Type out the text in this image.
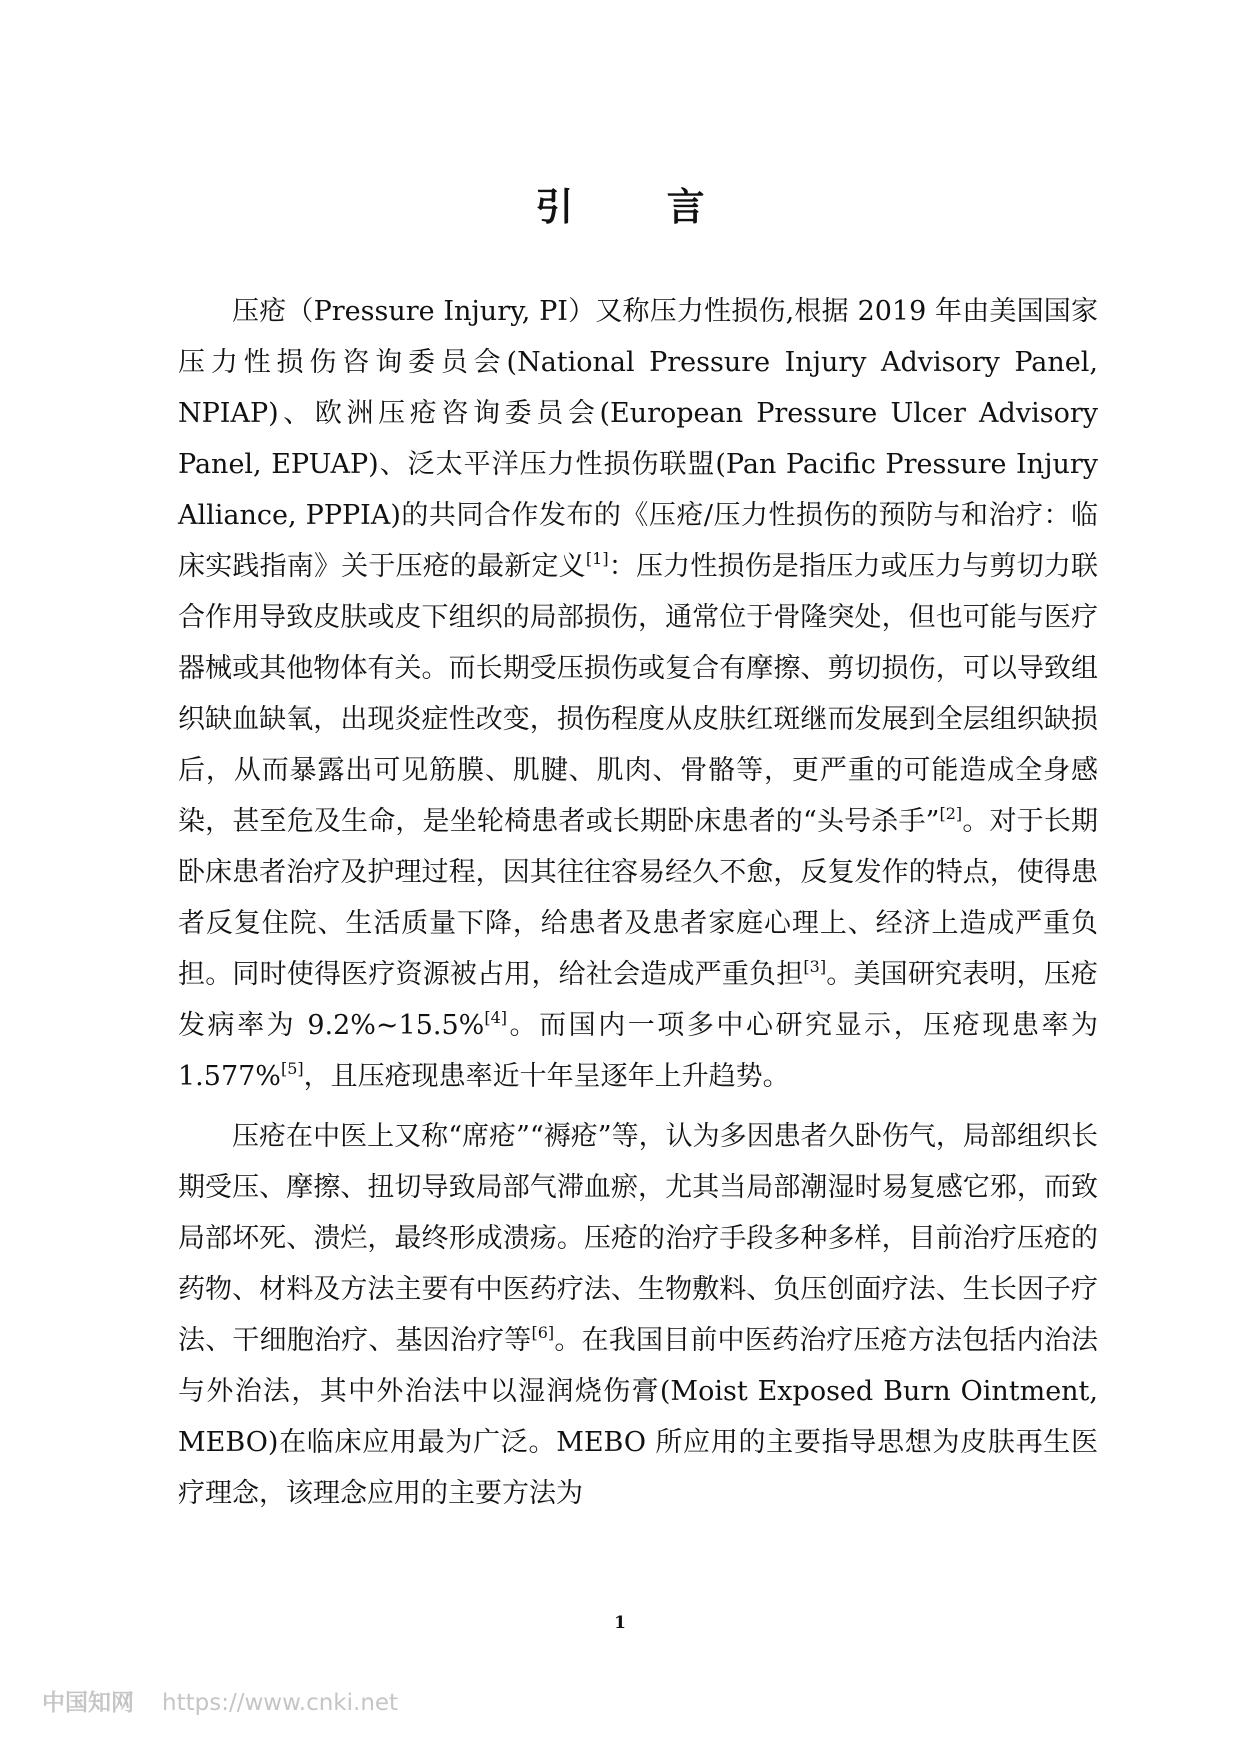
引 言

压疮（Pressure Injury, PI）又称压力性损伤,根据 2019 年由美国国家压力性损伤咨询委员会(National Pressure Injury Advisory Panel, NPIAP)、欧洲压疮咨询委员会(European Pressure Ulcer Advisory Panel, EPUAP)、泛太平洋压力性损伤联盟(Pan Pacific Pressure Injury Alliance, PPPIA)的共同合作发布的《压疮/压力性损伤的预防与和治疗：临床实践指南》关于压疮的最新定义[1]：压力性损伤是指压力或压力与剪切力联合作用导致皮肤或皮下组织的局部损伤，通常位于骨隆突处，但也可能与医疗器械或其他物体有关。而长期受压损伤或复合有摩擦、剪切损伤，可以导致组织缺血缺氧，出现炎症性改变，损伤程度从皮肤红斑继而发展到全层组织缺损后，从而暴露出可见筋膜、肌腱、肌肉、骨骼等，更严重的可能造成全身感染，甚至危及生命，是坐轮椅患者或长期卧床患者的“头号杀手”[2]。对于长期卧床患者治疗及护理过程，因其往往容易经久不愈，反复发作的特点，使得患者反复住院、生活质量下降，给患者及患者家庭心理上、经济上造成严重负担。同时使得医疗资源被占用，给社会造成严重负担[3]。美国研究表明，压疮发病率为 9.2%~15.5%[4]。而国内一项多中心研究显示，压疮现患率为 1.577%[5]，且压疮现患率近十年呈逐年上升趋势。

压疮在中医上又称“席疮”“褥疮”等，认为多因患者久卧伤气，局部组织长期受压、摩擦、扭切导致局部气滞血瘀，尤其当局部潮湿时易复感它邪，而致局部坏死、溃烂，最终形成溃疡。压疮的治疗手段多种多样，目前治疗压疮的药物、材料及方法主要有中医药疗法、生物敷料、负压创面疗法、生长因子疗法、干细胞治疗、基因治疗等[6]。在我国目前中医药治疗压疮方法包括内治法与外治法，其中外治法中以湿润烧伤膏(Moist Exposed Burn Ointment, MEBO)在临床应用最为广泛。MEBO 所应用的主要指导思想为皮肤再生医疗理念，该理念应用的主要方法为

1
中国知网 https://www.cnki.net
